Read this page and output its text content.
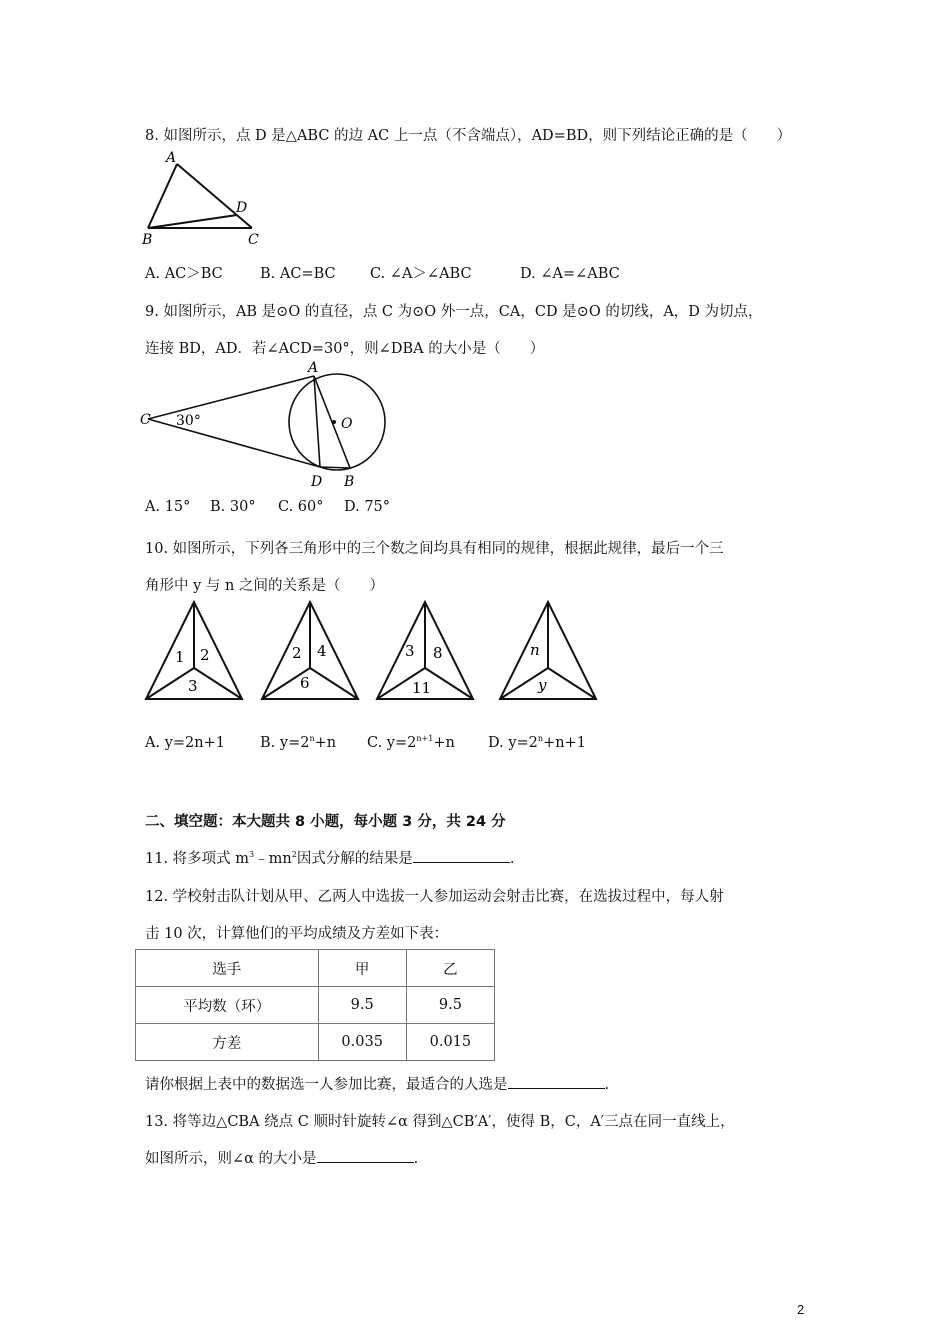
8. 如图所示，点 D 是△ABC 的边 AC 上一点（不含端点），AD=BD，则下列结论正确的是（　　）
A
B	C
D
A. AC＞BC	B. AC=BC C. ∠A＞∠ABC	D. ∠A=∠ABC
9. 如图所示，AB 是⊙O 的直径，点 C 为⊙O 外一点，CA，CD 是⊙O 的切线，A，D 为切点，
连接 BD，AD．若∠ACD=30°，则∠DBA 的大小是（　　）
A
C 30°	O
D B
A. 15° B. 30° C. 60° D. 75°
10. 如图所示，下列各三角形中的三个数之间均具有相同的规律，根据此规律，最后一个三
角形中 y 与 n 之间的关系是（　　）
1 2
3
2 4
6
3 8
11
n
y
A. y=2n+1 B. $y=2^n+n$ C. $y=2^{n+1}+n$ D. $y=2^n+n+1$
二、填空题：本大题共 8 小题，每小题 3 分，共 24 分
11. 将多项式 $m^3﹣mn^2$因式分解的结果是	.
12. 学校射击队计划从甲、乙两人中选拔一人参加运动会射击比赛，在选拔过程中，每人射
击 10 次，计算他们的平均成绩及方差如下表：
选手	甲	乙
平均数（环）	9.5	9.5
方差	0.035	0.015
请你根据上表中的数据选一人参加比赛，最适合的人选是	.
13. 将等边△CBA 绕点 C 顺时针旋转∠α 得到△CB′A′，使得 B，C，A′三点在同一直线上，
如图所示，则∠α 的大小是	.
2
